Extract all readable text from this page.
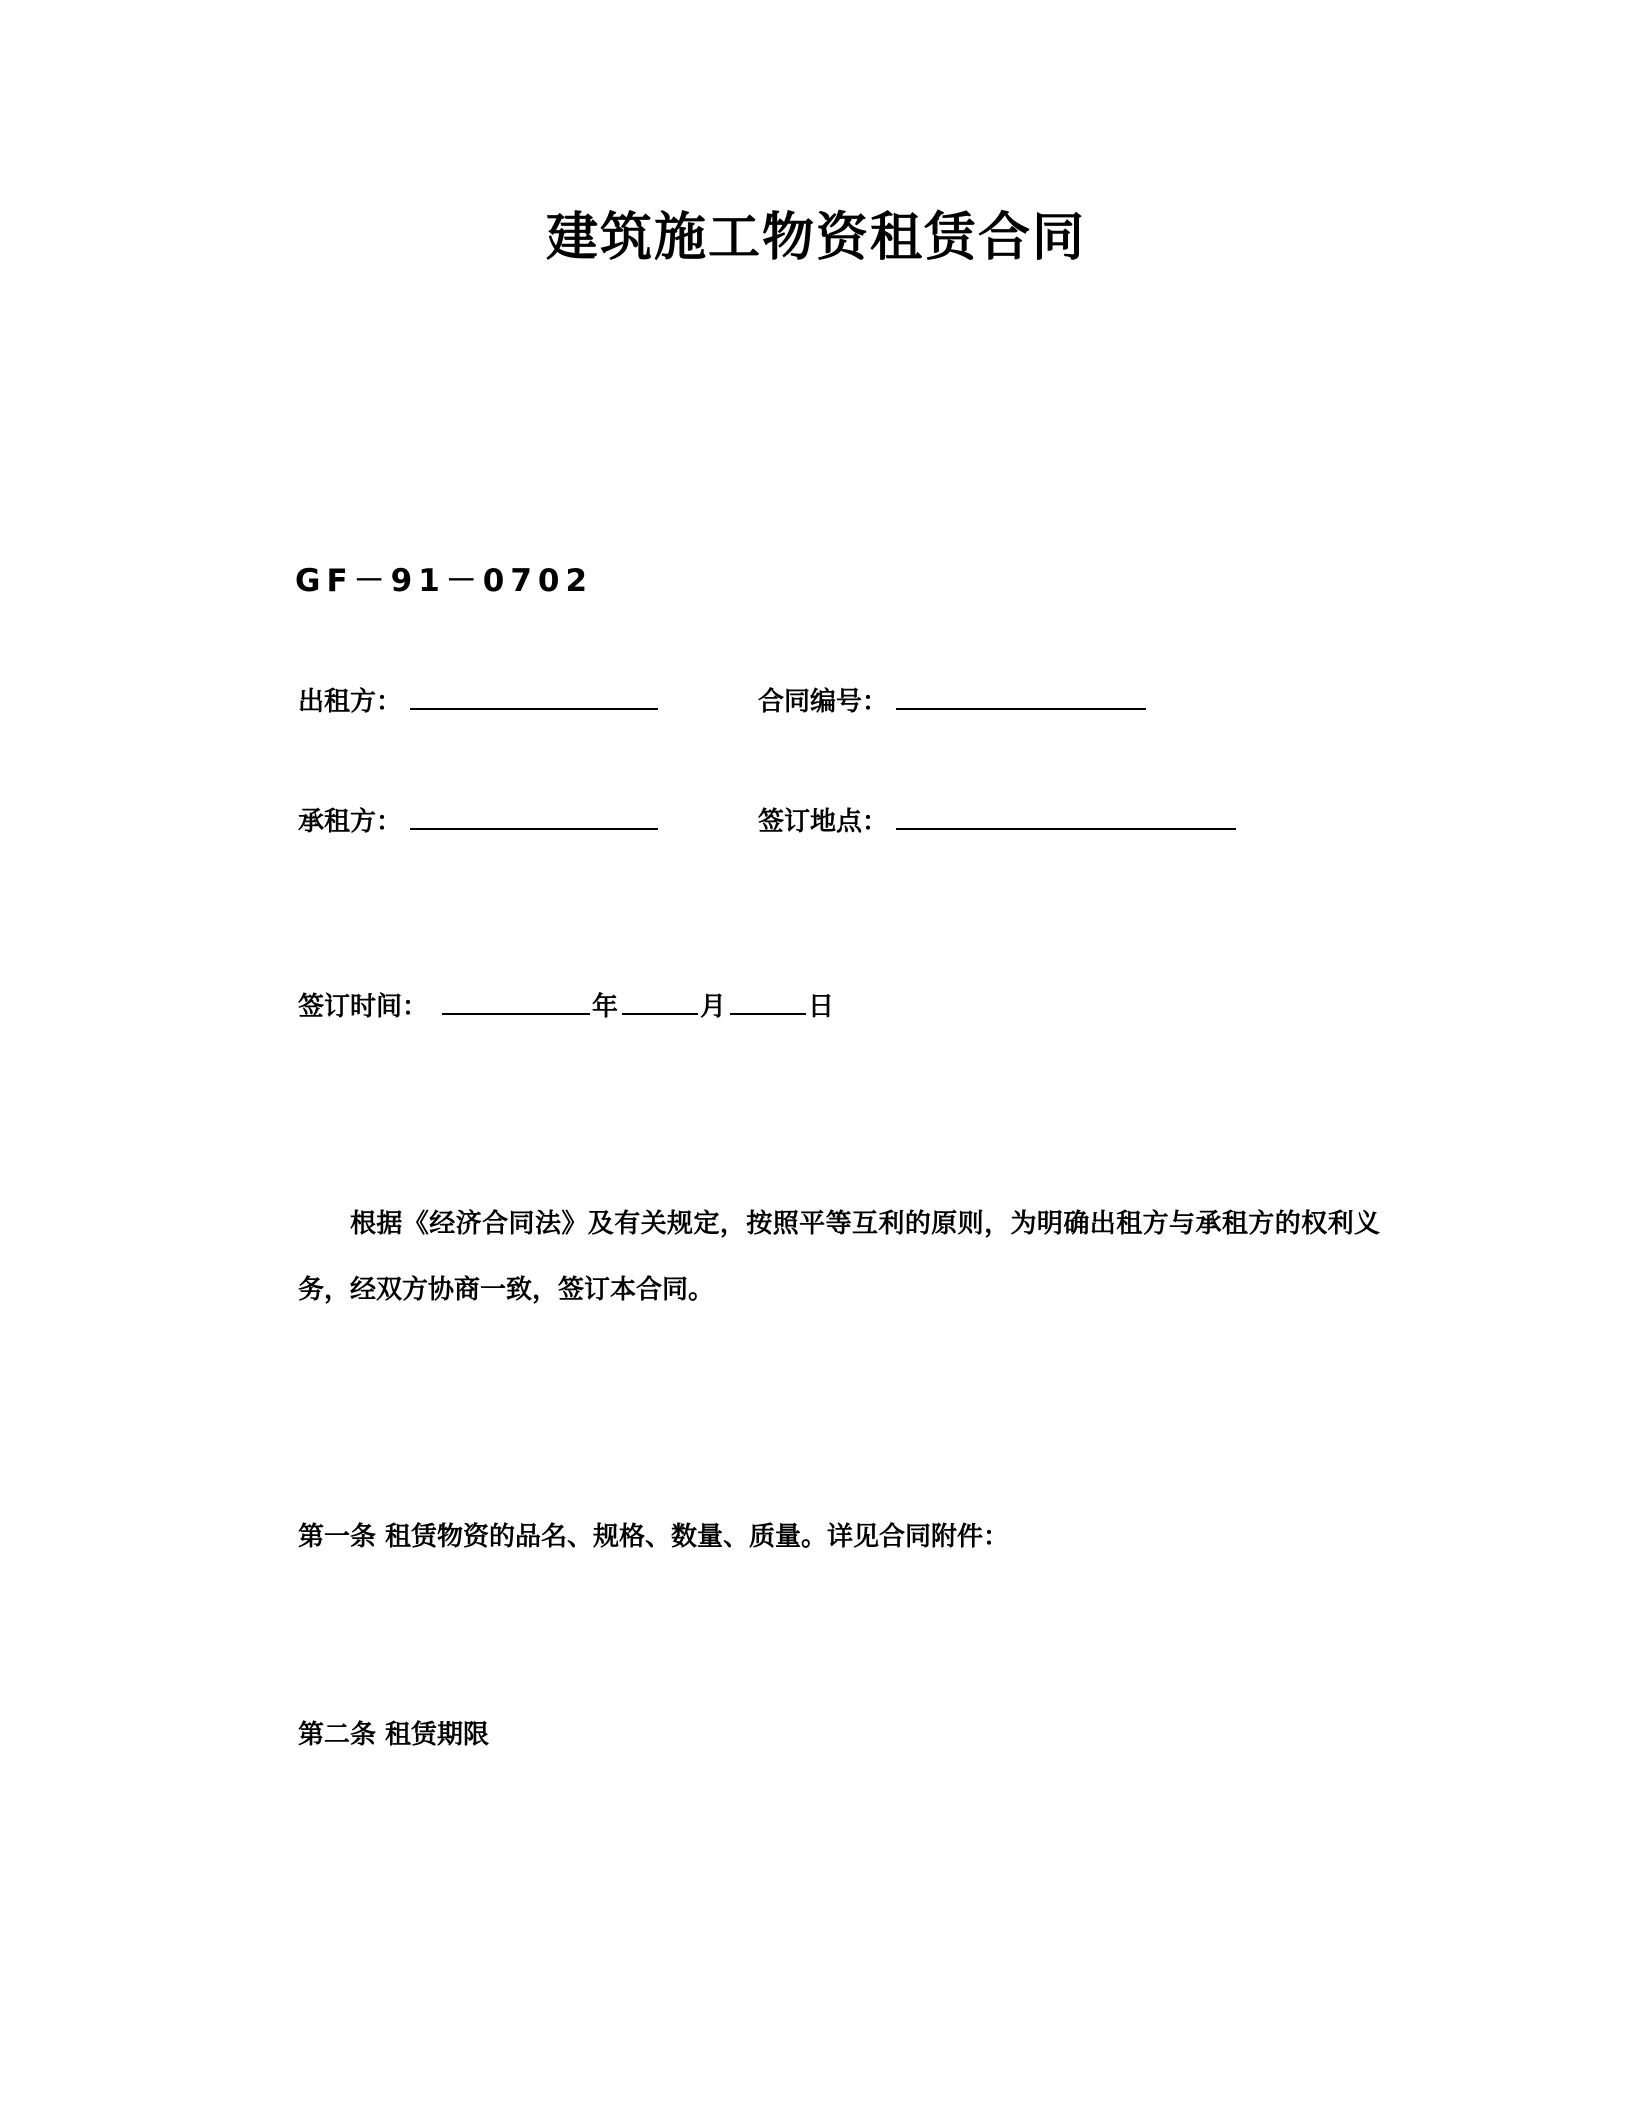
建筑施工物资租赁合同
GF－91－0702
出租方：	合同编号：
承租方：	签订地点：
签订时间：	年	月	日

根据《经济合同法》及有关规定，按照平等互利的原则，为明确出租方与承租方的权利义务，经双方协商一致，签订本合同。

第一条 租赁物资的品名、规格、数量、质量。详见合同附件：

第二条 租赁期限
